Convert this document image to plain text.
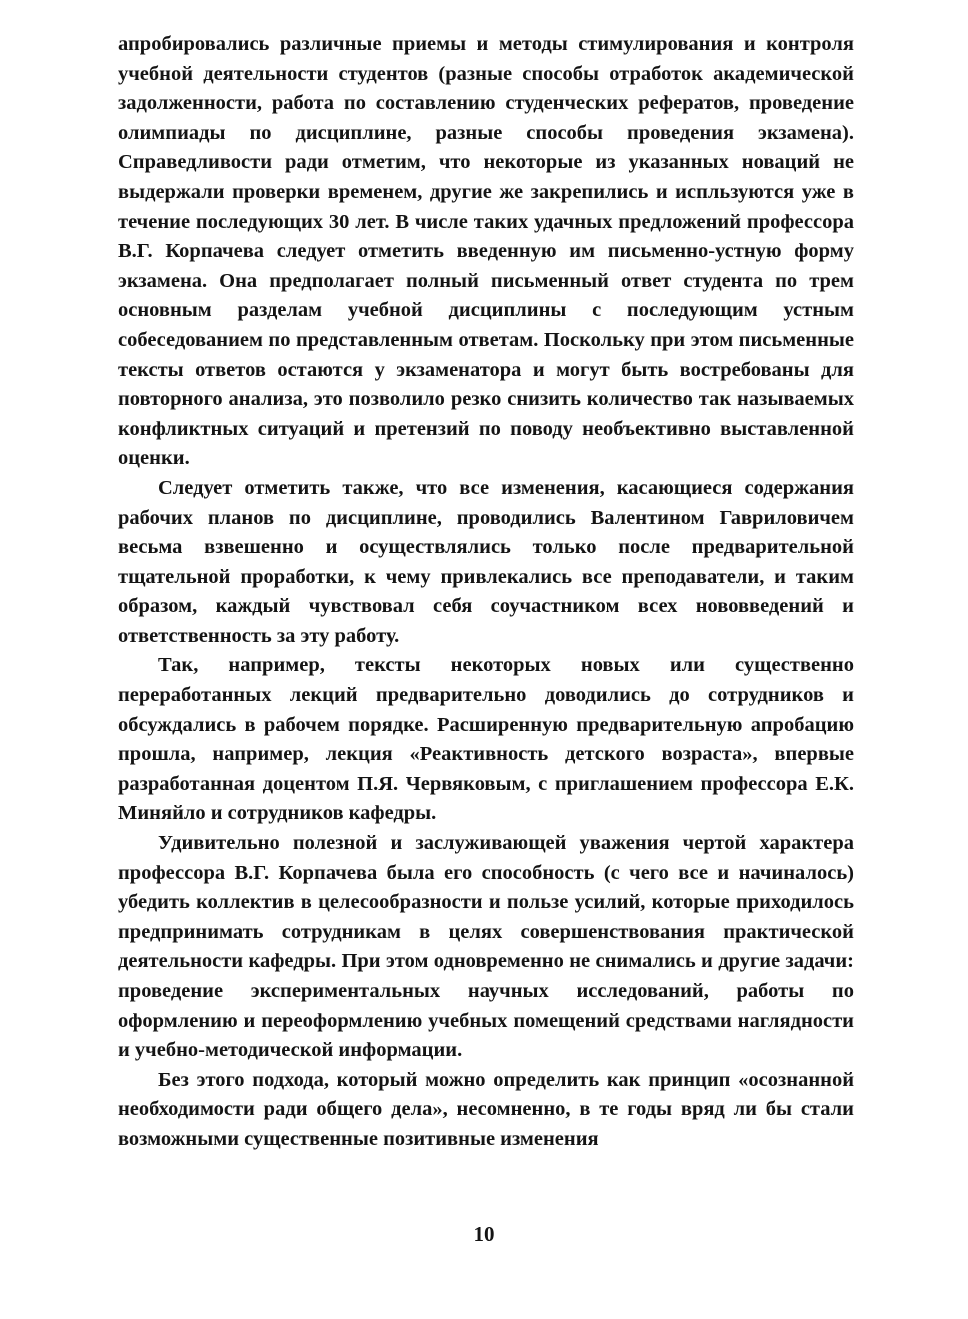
апробировались различные приемы и методы стимулирования и контроля учебной деятельности студентов (разные способы отработок академической задолженности, работа по составлению студенческих рефератов, проведение олимпиады по дисциплине, разные способы проведения экзамена). Справедливости ради отметим, что некоторые из указанных новаций не выдержали проверки временем, другие же закрепились и испльзуются уже в течение последующих 30 лет. В числе таких удачных предложений профессора В.Г. Корпачева следует отметить введенную им письменно-устную форму экзамена. Она предполагает полный письменный ответ студента по трем основным разделам учебной дисциплины с последующим устным собеседованием по представленным ответам. Поскольку при этом письменные тексты ответов остаются у экзаменатора и могут быть востребованы для повторного анализа, это позволило резко снизить количество так называемых конфликтных ситуаций и претензий по поводу необъективно выставленной оценки.

Следует отметить также, что все изменения, касающиеся содержания рабочих планов по дисциплине, проводились Валентином Гавриловичем весьма взвешенно и осуществлялись только после предварительной тщательной проработки, к чему привлекались все преподаватели, и таким образом, каждый чувствовал себя соучастником всех нововведений и ответственность за эту работу.

Так, например, тексты некоторых новых или существенно переработанных лекций предварительно доводились до сотрудников и обсуждались в рабочем порядке. Расширенную предварительную апробацию прошла, например, лекция «Реактивность детского возраста», впервые разработанная доцентом П.Я. Червяковым, с приглашением профессора Е.К. Миняйло и сотрудников кафедры.

Удивительно полезной и заслуживающей уважения чертой характера профессора В.Г. Корпачева была его способность (с чего все и начиналось) убедить коллектив в целесообразности и пользе усилий, которые приходилось предпринимать сотрудникам в целях совершенствования практической деятельности кафедры. При этом одновременно не снимались и другие задачи: проведение экспериментальных научных исследований, работы по оформлению и переоформлению учебных помещений средствами наглядности и учебно-методической информации.

Без этого подхода, который можно определить как принцип «осознанной необходимости ради общего дела», несомненно, в те годы вряд ли бы стали возможными существенные позитивные изменения

10
